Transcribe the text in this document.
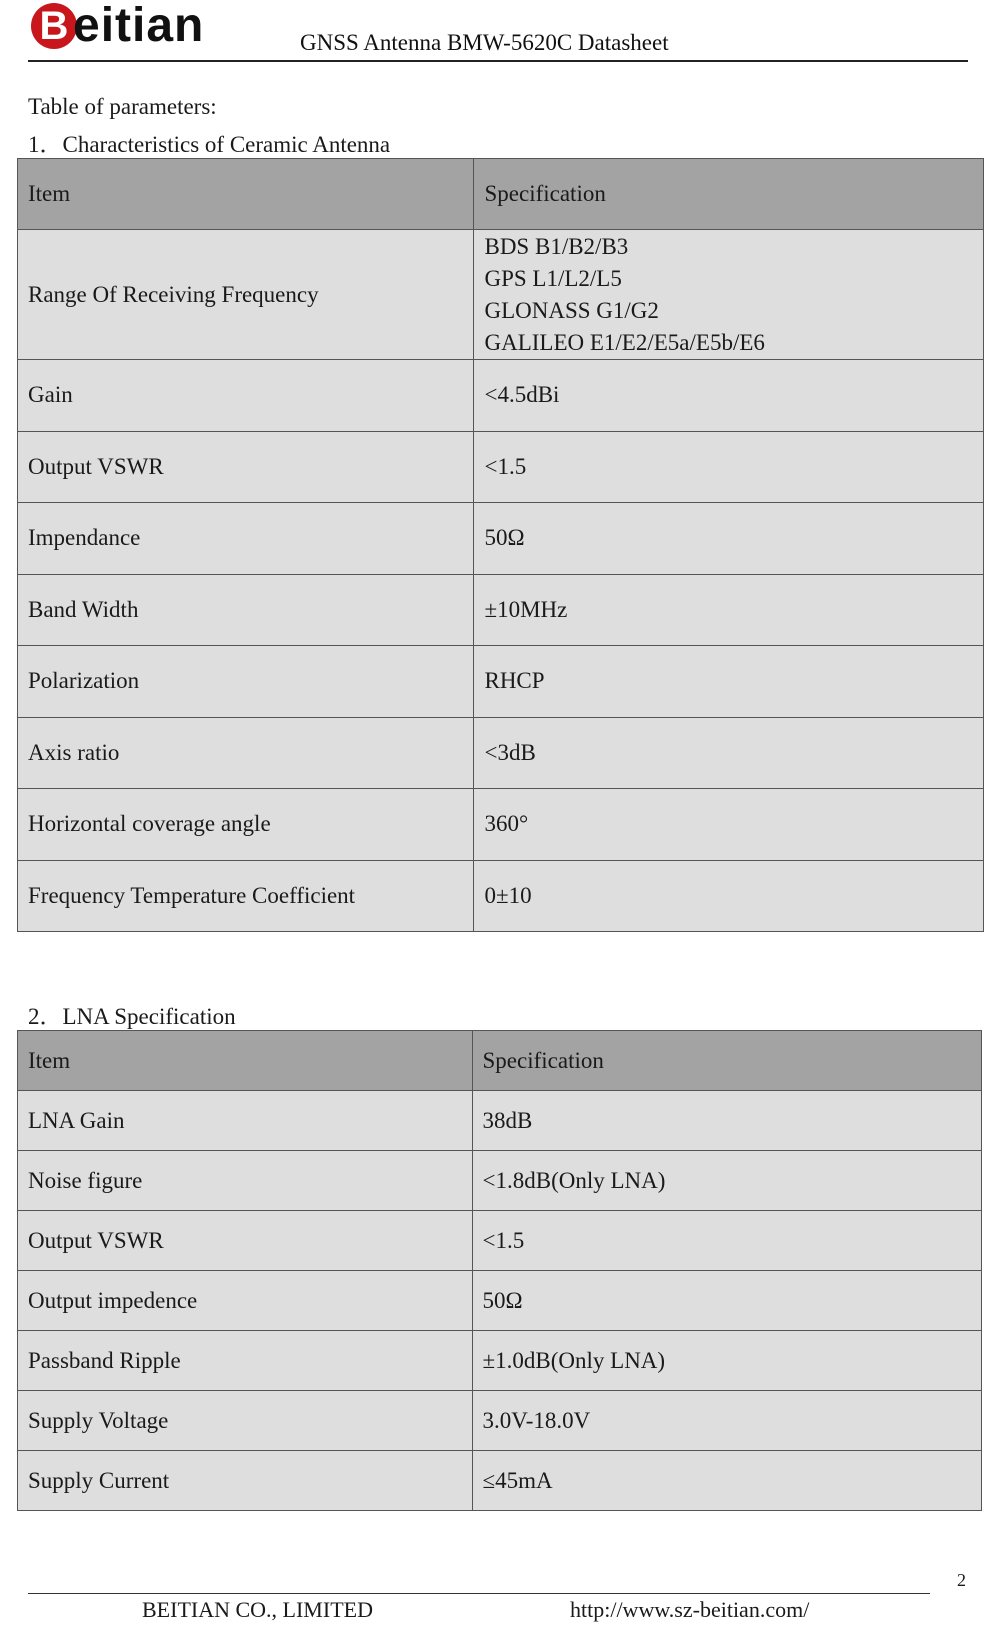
B eitian	GNSS Antenna BMW-5620C Datasheet
Table of parameters:
1．Characteristics of Ceramic Antenna
Item	Specification
Range Of Receiving Frequency	BDS B1/B2/B3
GPS L1/L2/L5
GLONASS G1/G2
GALILEO E1/E2/E5a/E5b/E6

Gain	<4.5dBi
Output VSWR	<1.5
Impendance	50Ω
Band Width	±10MHz
Polarization	RHCP
Axis ratio	<3dB
Horizontal coverage angle	360°
Frequency Temperature Coefficient	0±10
2．LNA Specification
Item	Specification
LNA Gain	38dB
Noise figure	<1.8dB(Only LNA)
Output VSWR	<1.5
Output impedence	50Ω
Passband Ripple	±1.0dB(Only LNA)
Supply Voltage	3.0V-18.0V
Supply Current	≤45mA
2
BEITIAN CO., LIMITED	http://www.sz-beitian.com/
